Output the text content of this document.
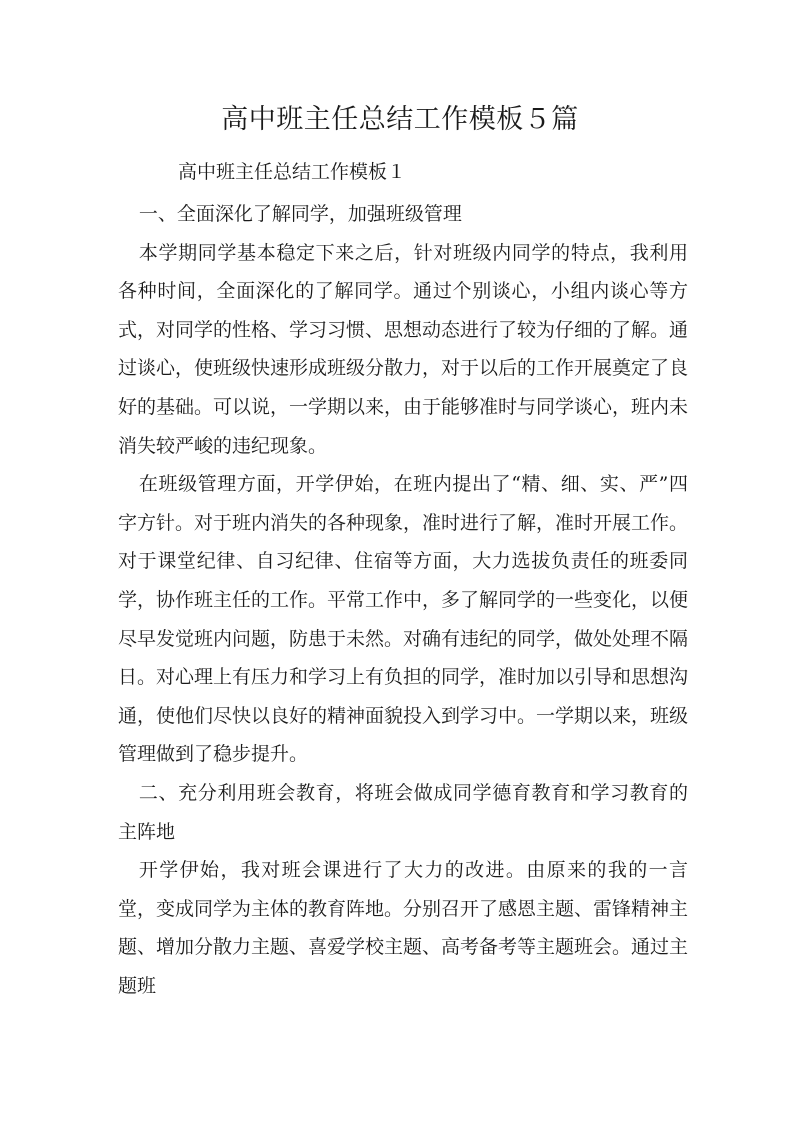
高中班主任总结工作模板５篇
高中班主任总结工作模板１

一、全面深化了解同学，加强班级管理

本学期同学基本稳定下来之后，针对班级内同学的特点，我利用各种时间，全面深化的了解同学。通过个别谈心，小组内谈心等方式，对同学的性格、学习习惯、思想动态进行了较为仔细的了解。通过谈心，使班级快速形成班级分散力，对于以后的工作开展奠定了良好的基础。可以说，一学期以来，由于能够准时与同学谈心，班内未消失较严峻的违纪现象。

在班级管理方面，开学伊始，在班内提出了“精、细、实、严”四字方针。对于班内消失的各种现象，准时进行了解，准时开展工作。对于课堂纪律、自习纪律、住宿等方面，大力选拔负责任的班委同学，协作班主任的工作。平常工作中，多了解同学的一些变化，以便尽早发觉班内问题，防患于未然。对确有违纪的同学，做处处理不隔日。对心理上有压力和学习上有负担的同学，准时加以引导和思想沟通，使他们尽快以良好的精神面貌投入到学习中。一学期以来，班级管理做到了稳步提升。

二、充分利用班会教育，将班会做成同学德育教育和学习教育的主阵地

开学伊始，我对班会课进行了大力的改进。由原来的我的一言堂，变成同学为主体的教育阵地。分别召开了感恩主题、雷锋精神主题、增加分散力主题、喜爱学校主题、高考备考等主题班会。通过主题班
